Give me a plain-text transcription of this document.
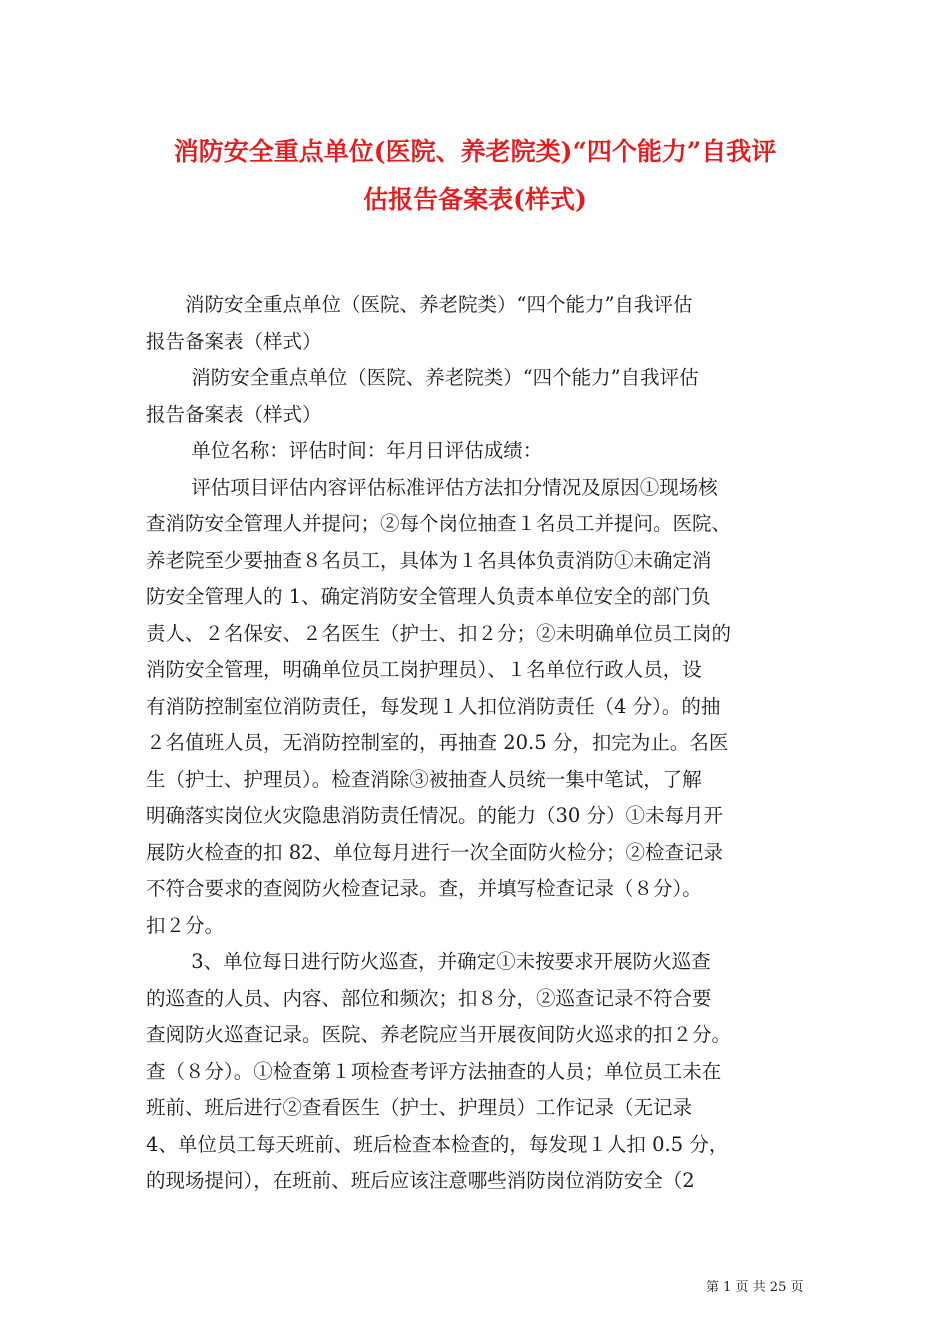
消防安全重点单位(医院、养老院类)“四个能力”自我评
估报告备案表(样式)
　　消防安全重点单位（医院、养老院类）“四个能力”自我评估
报告备案表（样式）
　　 消防安全重点单位（医院、养老院类）“四个能力”自我评估
报告备案表（样式）
　　 单位名称：评估时间：年月日评估成绩：
　　 评估项目评估内容评估标准评估方法扣分情况及原因①现场核
查消防安全管理人并提问；②每个岗位抽查１名员工并提问。医院、
养老院至少要抽查８名员工，具体为１名具体负责消防①未确定消
防安全管理人的 1、确定消防安全管理人负责本单位安全的部门负
责人、２名保安、２名医生（护士、扣２分；②未明确单位员工岗的
消防安全管理，明确单位员工岗护理员）、１名单位行政人员，设
有消防控制室位消防责任，每发现１人扣位消防责任（4 分）。的抽
２名值班人员，无消防控制室的，再抽查 20.5 分，扣完为止。名医
生（护士、护理员）。检查消除③被抽查人员统一集中笔试，了解
明确落实岗位火灾隐患消防责任情况。的能力（30 分）①未每月开
展防火检查的扣 82、单位每月进行一次全面防火检分；②检查记录
不符合要求的查阅防火检查记录。查，并填写检查记录（８分）。
扣２分。
　　 3、单位每日进行防火巡查，并确定①未按要求开展防火巡查
的巡查的人员、内容、部位和频次；扣８分，②巡查记录不符合要
查阅防火巡查记录。医院、养老院应当开展夜间防火巡求的扣２分。
查（８分）。①检查第１项检查考评方法抽查的人员；单位员工未在
班前、班后进行②查看医生（护士、护理员）工作记录（无记录
4、单位员工每天班前、班后检查本检查的，每发现１人扣 0.5 分，
的现场提问），在班前、班后应该注意哪些消防岗位消防安全（2
第 1 页 共 25 页
